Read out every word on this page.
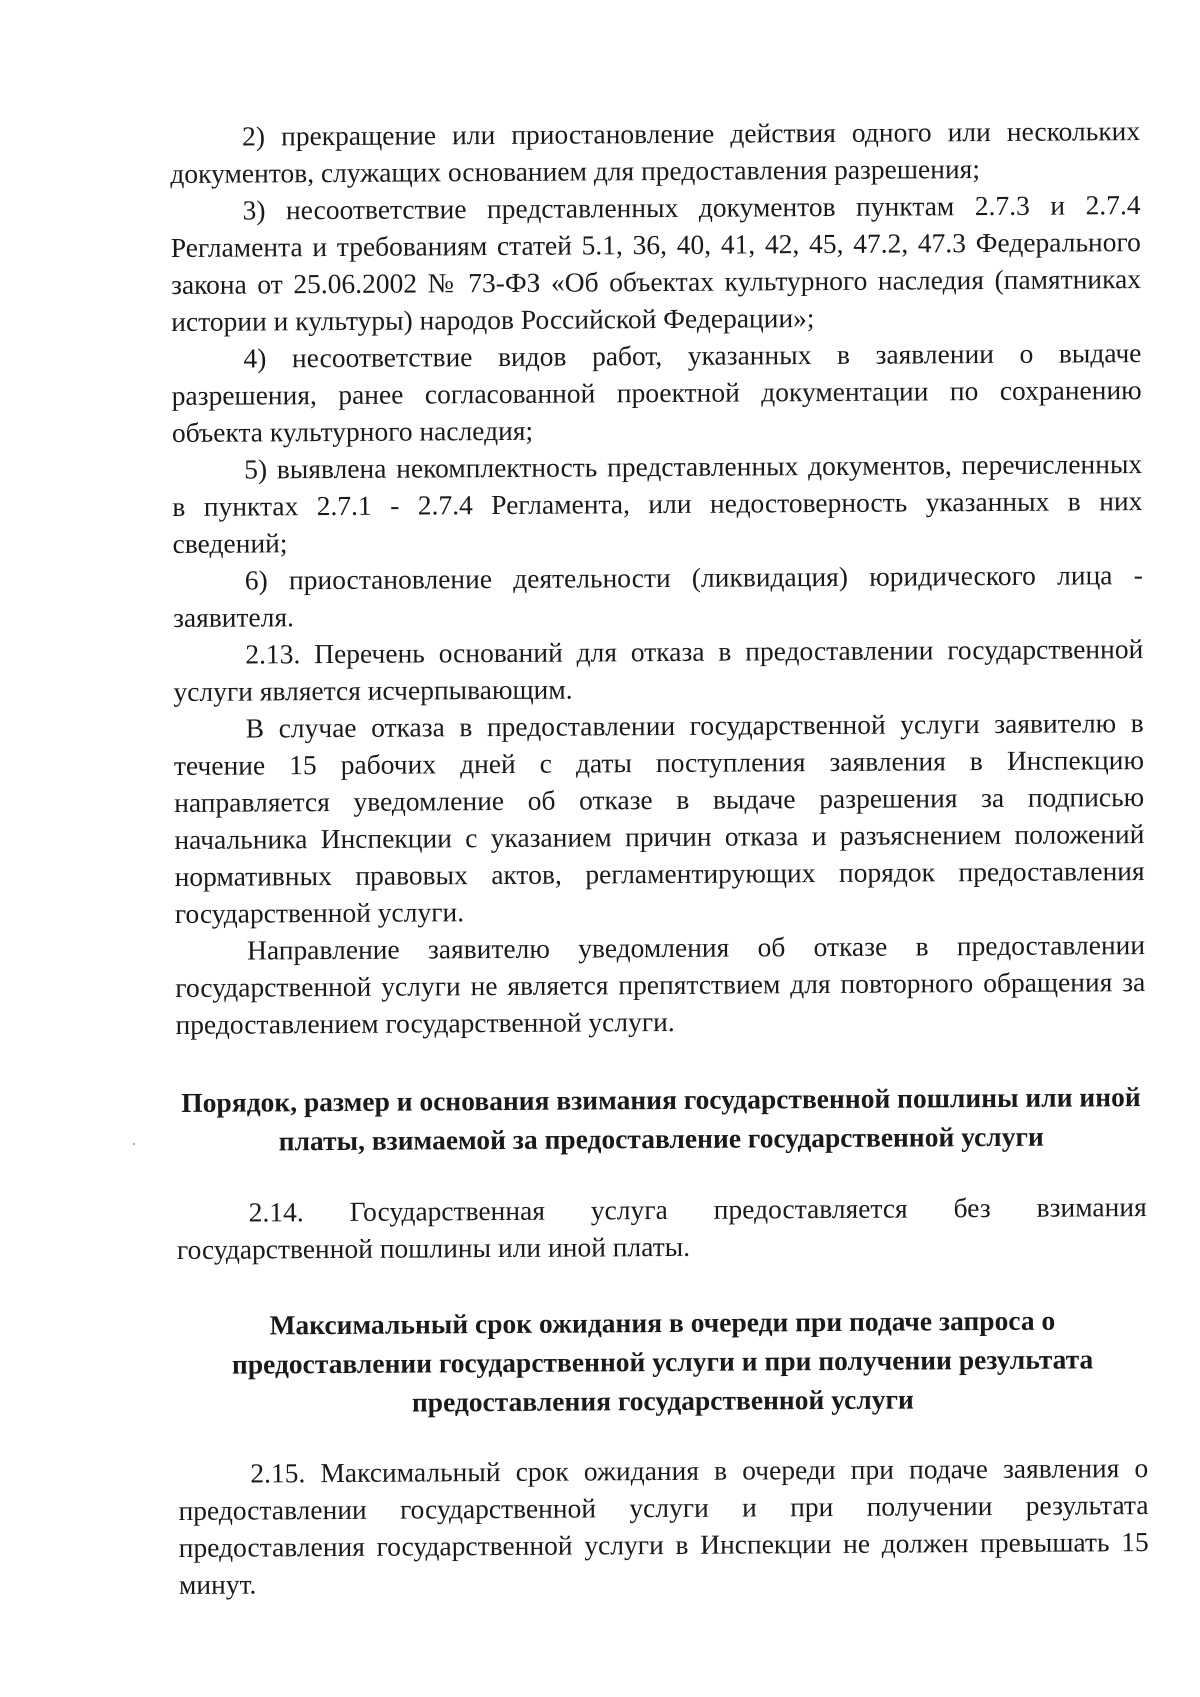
2) прекращение или приостановление действия одного или нескольких документов, служащих основанием для предоставления разрешения;

3) несоответствие представленных документов пунктам 2.7.3 и 2.7.4 Регламента и требованиям статей 5.1, 36, 40, 41, 42, 45, 47.2, 47.3 Федерального закона от 25.06.2002 № 73-ФЗ «Об объектах культурного наследия (памятниках истории и культуры) народов Российской Федерации»;

4) несоответствие видов работ, указанных в заявлении о выдаче разрешения, ранее согласованной проектной документации по сохранению объекта культурного наследия;

5) выявлена некомплектность представленных документов, перечисленных в пунктах 2.7.1 - 2.7.4 Регламента, или недостоверность указанных в них сведений;

6) приостановление деятельности (ликвидация) юридического лица - заявителя.

2.13. Перечень оснований для отказа в предоставлении государственной услуги является исчерпывающим.

В случае отказа в предоставлении государственной услуги заявителю в течение 15 рабочих дней с даты поступления заявления в Инспекцию направляется уведомление об отказе в выдаче разрешения за подписью начальника Инспекции с указанием причин отказа и разъяснением положений нормативных правовых актов, регламентирующих порядок предоставления государственной услуги.

Направление заявителю уведомления об отказе в предоставлении государственной услуги не является препятствием для повторного обращения за предоставлением государственной услуги.

Порядок, размер и основания взимания государственной пошлины или иной платы, взимаемой за предоставление государственной услуги

2.14. Государственная услуга предоставляется без взимания государственной пошлины или иной платы.

Максимальный срок ожидания в очереди при подаче запроса о предоставлении государственной услуги и при получении результата предоставления государственной услуги

2.15. Максимальный срок ожидания в очереди при подаче заявления о предоставлении государственной услуги и при получении результата предоставления государственной услуги в Инспекции не должен превышать 15 минут.
